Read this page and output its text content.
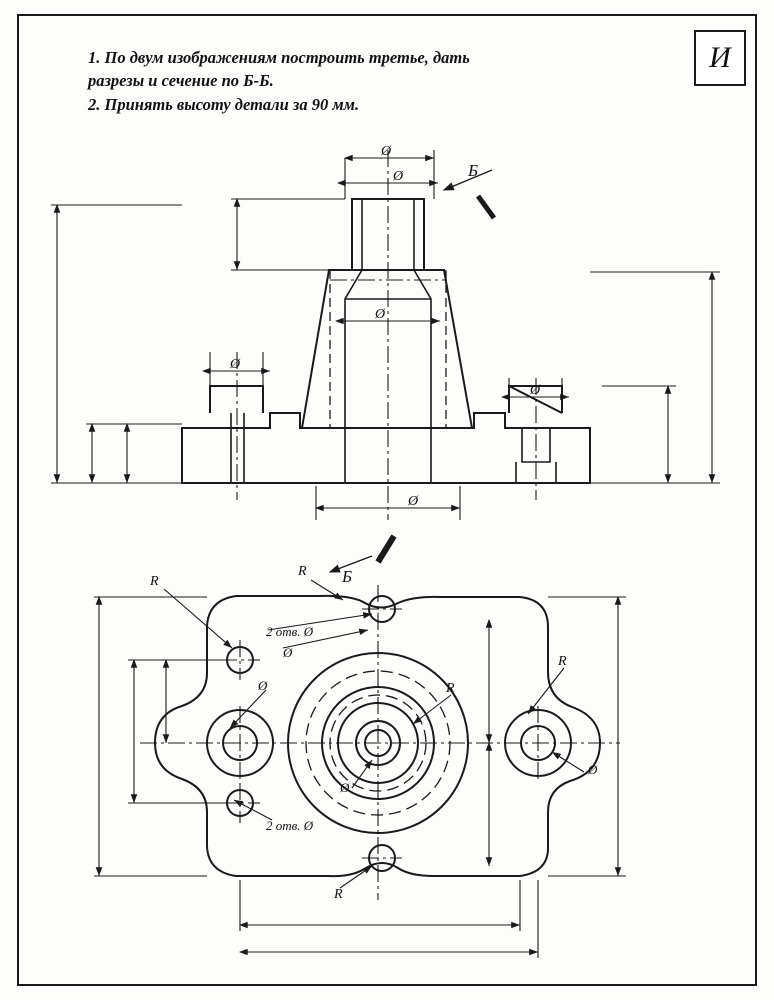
И
1. По двум изображениям построить третье, дать
разрезы и сечение по Б-Б.
2. Принять высоту детали за 90 мм.
Ø
Ø
Ø
Ø
Ø
Ø
Б
R
R Б
R
R
R
2 отв. Ø
Ø
Ø
2 отв. Ø
Ø
Ø
